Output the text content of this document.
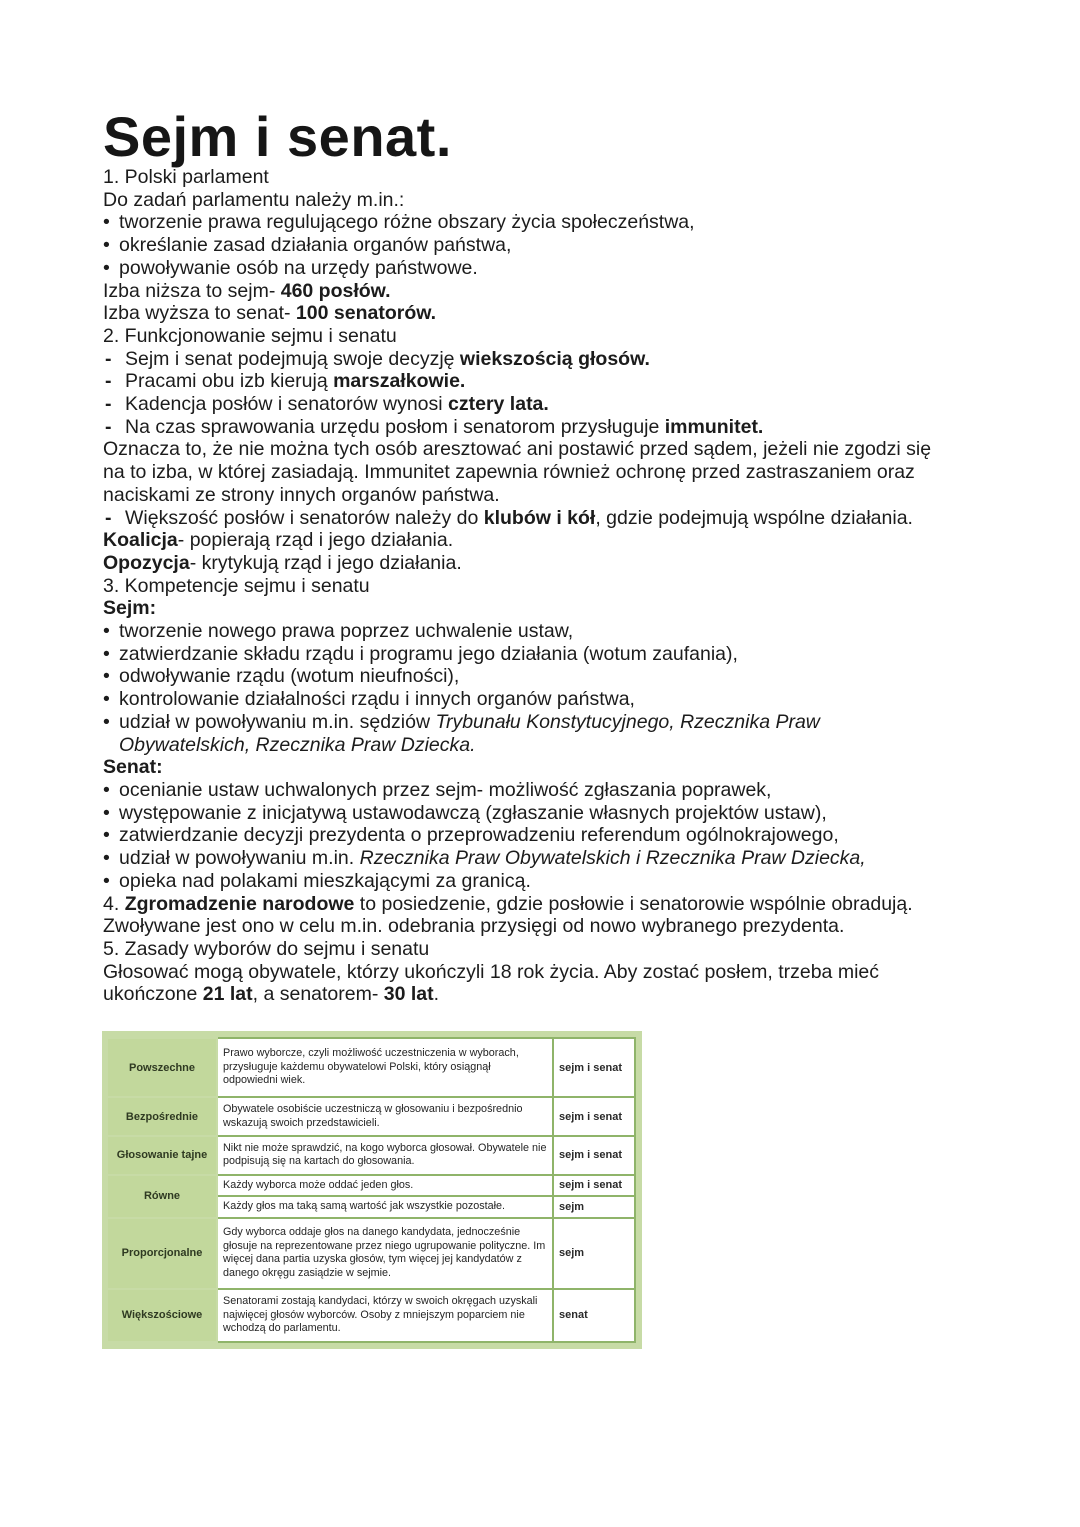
Sejm i senat.
1. Polski parlament
Do zadań parlamentu należy m.in.:
• tworzenie prawa regulującego różne obszary życia społeczeństwa,
• określanie zasad działania organów państwa,
• powoływanie osób na urzędy państwowe.
Izba niższa to sejm- 460 posłów.
Izba wyższa to senat- 100 senatorów.
2. Funkcjonowanie sejmu i senatu
- Sejm i senat podejmują swoje decyzję wiekszością głosów.
- Pracami obu izb kierują marszałkowie.
- Kadencja posłów i senatorów wynosi cztery lata.
- Na czas sprawowania urzędu posłom i senatorom przysługuje immunitet.
Oznacza to, że nie można tych osób aresztować ani postawić przed sądem, jeżeli nie zgodzi się
na to izba, w której zasiadają. Immunitet zapewnia również ochronę przed zastraszaniem oraz
naciskami ze strony innych organów państwa.
- Większość posłów i senatorów należy do klubów i kół, gdzie podejmują wspólne działania.
Koalicja- popierają rząd i jego działania.
Opozycja- krytykują rząd i jego działania.
3. Kompetencje sejmu i senatu
Sejm:
• tworzenie nowego prawa poprzez uchwalenie ustaw,
• zatwierdzanie składu rządu i programu jego działania (wotum zaufania),
• odwoływanie rządu (wotum nieufności),
• kontrolowanie działalności rządu i innych organów państwa,
• udział w powoływaniu m.in. sędziów Trybunału Konstytucyjnego, Rzecznika Praw
Obywatelskich, Rzecznika Praw Dziecka.
Senat:
• ocenianie ustaw uchwalonych przez sejm- możliwość zgłaszania poprawek,
• występowanie z inicjatywą ustawodawczą (zgłaszanie własnych projektów ustaw),
• zatwierdzanie decyzji prezydenta o przeprowadzeniu referendum ogólnokrajowego,
• udział w powoływaniu m.in. Rzecznika Praw Obywatelskich i Rzecznika Praw Dziecka,
• opieka nad polakami mieszkającymi za granicą.
4. Zgromadzenie narodowe to posiedzenie, gdzie posłowie i senatorowie wspólnie obradują.
Zwoływane jest ono w celu m.in. odebrania przysięgi od nowo wybranego prezydenta.
5. Zasady wyborów do sejmu i senatu
Głosować mogą obywatele, którzy ukończyli 18 rok życia. Aby zostać posłem, trzeba mieć
ukończone 21 lat, a senatorem- 30 lat.
Powszechne	Prawo wyborcze, czyli możliwość uczestniczenia w wyborach, przysługuje każdemu obywatelowi Polski, który osiągnął odpowiedni wiek.	sejm i senat
Bezpośrednie	Obywatele osobiście uczestniczą w głosowaniu i bezpośrednio wskazują swoich przedstawicieli.	sejm i senat
Głosowanie tajne	Nikt nie może sprawdzić, na kogo wyborca głosował. Obywatele nie podpisują się na kartach do głosowania.	sejm i senat
Równe	Każdy wyborca może oddać jeden głos.	sejm i senat
	Każdy głos ma taką samą wartość jak wszystkie pozostałe.	sejm
Proporcjonalne	Gdy wyborca oddaje głos na danego kandydata, jednocześnie głosuje na reprezentowane przez niego ugrupowanie polityczne. Im więcej dana partia uzyska głosów, tym więcej jej kandydatów z danego okręgu zasiądzie w sejmie.	sejm
Większościowe	Senatorami zostają kandydaci, którzy w swoich okręgach uzyskali najwięcej głosów wyborców. Osoby z mniejszym poparciem nie wchodzą do parlamentu.	senat
